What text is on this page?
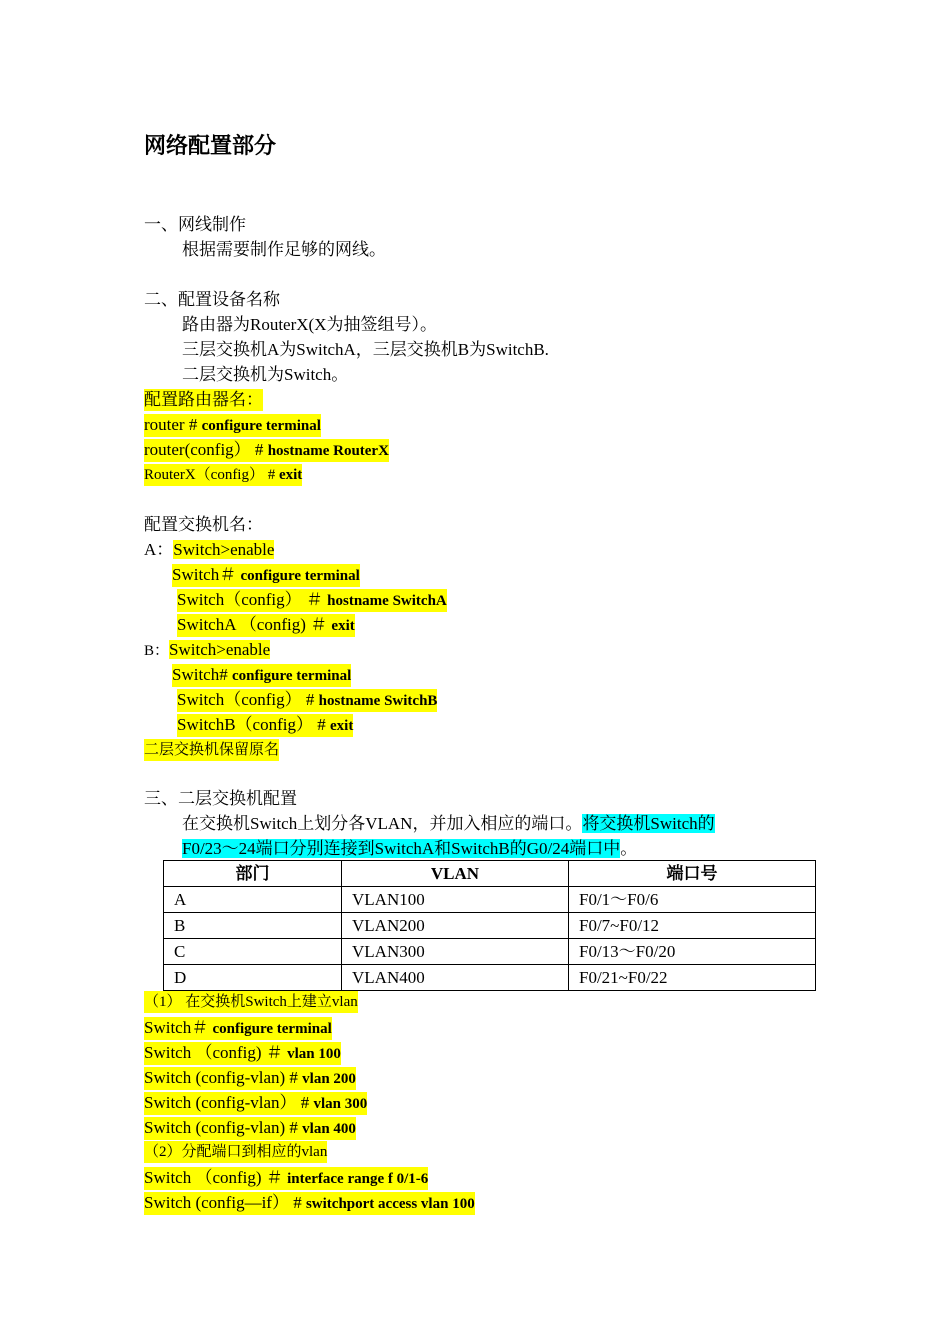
网络配置部分
一、网线制作
根据需要制作足够的网线。
二、配置设备名称
路由器为RouterX(X为抽签组号）。
三层交换机A为SwitchA，三层交换机B为SwitchB.
二层交换机为Switch。
配置路由器名：
router # configure terminal
router(config） # hostname RouterX
RouterX（config） # exit
配置交换机名：
A：Switch>enable
Switch＃ configure terminal
Switch（config） ＃ hostname SwitchA
SwitchA （config) ＃ exit
B：Switch>enable
Switch# configure terminal
Switch（config） # hostname SwitchB
SwitchB（config） # exit
二层交换机保留原名
三、二层交换机配置
在交换机Switch上划分各VLAN，并加入相应的端口。将交换机Switch的
F0/23～24端口分别连接到SwitchA和SwitchB的G0/24端口中。
部门	VLAN	端口号
A	VLAN100	F0/1～F0/6
B	VLAN200	F0/7~F0/12
C	VLAN300	F0/13～F0/20
D	VLAN400	F0/21~F0/22
（1） 在交换机Switch上建立vlan
Switch＃ configure terminal
Switch （config) ＃ vlan 100
Switch (config-vlan) # vlan 200
Switch (config-vlan） # vlan 300
Switch (config-vlan) # vlan 400
（2）分配端口到相应的vlan
Switch （config) ＃ interface range f 0/1-6
Switch (config—if） # switchport access vlan 100
